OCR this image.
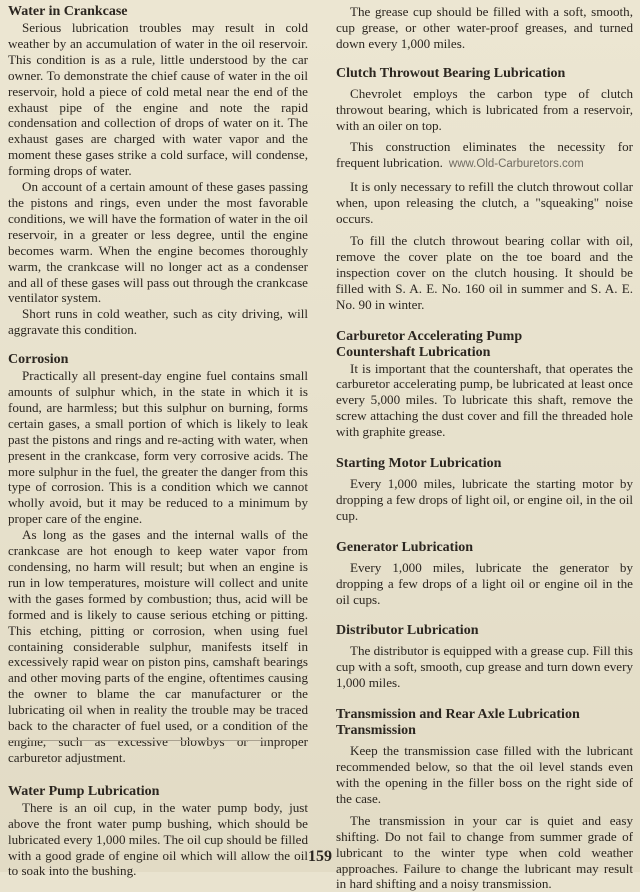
Water in Crankcase

Serious lubrication troubles may result in cold weather by an accumulation of water in the oil reservoir. This condition is as a rule, little understood by the car owner. To demonstrate the chief cause of water in the oil reservoir, hold a piece of cold metal near the end of the exhaust pipe of the engine and note the rapid condensation and collection of drops of water on it. The exhaust gases are charged with water vapor and the moment these gases strike a cold surface, will condense, forming drops of water.

On account of a certain amount of these gases passing the pistons and rings, even under the most favorable conditions, we will have the formation of water in the oil reservoir, in a greater or less degree, until the engine becomes warm. When the engine becomes thoroughly warm, the crankcase will no longer act as a condenser and all of these gases will pass out through the crankcase ventilator system.

Short runs in cold weather, such as city driving, will aggravate this condition.

Corrosion

Practically all present-day engine fuel contains small amounts of sulphur which, in the state in which it is found, are harmless; but this sulphur on burning, forms certain gases, a small portion of which is likely to leak past the pistons and rings and re-acting with water, when present in the crankcase, form very corrosive acids. The more sulphur in the fuel, the greater the danger from this type of corrosion. This is a condition which we cannot wholly avoid, but it may be reduced to a minimum by proper care of the engine.

As long as the gases and the internal walls of the crankcase are hot enough to keep water vapor from condensing, no harm will result; but when an engine is run in low temperatures, moisture will collect and unite with the gases formed by combustion; thus, acid will be formed and is likely to cause serious etching or pitting. This etching, pitting or corrosion, when using fuel containing considerable sulphur, manifests itself in excessively rapid wear on piston pins, camshaft bearings and other moving parts of the engine, oftentimes causing the owner to blame the car manufacturer or the lubricating oil when in reality the trouble may be traced back to the character of fuel used, or a condition of the engine, such as excessive blowbys or improper carburetor adjustment.

Water Pump Lubrication

There is an oil cup, in the water pump body, just above the front water pump bushing, which should be lubricated every 1,000 miles. The oil cup should be filled with a good grade of engine oil which will allow the oil to soak into the bushing.

The grease cup should be filled with a soft, smooth, cup grease, or other water-proof greases, and turned down every 1,000 miles.

Clutch Throwout Bearing Lubrication

Chevrolet employs the carbon type of clutch throwout bearing, which is lubricated from a reservoir, with an oiler on top.

This construction eliminates the necessity for frequent lubrication. www.Old-Carburetors.com

It is only necessary to refill the clutch throwout collar when, upon releasing the clutch, a "squeaking" noise occurs.

To fill the clutch throwout bearing collar with oil, remove the cover plate on the toe board and the inspection cover on the clutch housing. It should be filled with S. A. E. No. 160 oil in summer and S. A. E. No. 90 in winter.

Carburetor Accelerating Pump
Countershaft Lubrication

It is important that the countershaft, that operates the carburetor accelerating pump, be lubricated at least once every 5,000 miles. To lubricate this shaft, remove the screw attaching the dust cover and fill the threaded hole with graphite grease.

Starting Motor Lubrication

Every 1,000 miles, lubricate the starting motor by dropping a few drops of light oil, or engine oil, in the oil cup.

Generator Lubrication

Every 1,000 miles, lubricate the generator by dropping a few drops of a light oil or engine oil in the oil cups.

Distributor Lubrication

The distributor is equipped with a grease cup. Fill this cup with a soft, smooth, cup grease and turn down every 1,000 miles.

Transmission and Rear Axle Lubrication
Transmission

Keep the transmission case filled with the lubricant recommended below, so that the oil level stands even with the opening in the filler boss on the right side of the case.

The transmission in your car is quiet and easy shifting. Do not fail to change from summer grade of lubricant to the winter type when cold weather approaches. Failure to change the lubricant may result in hard shifting and a noisy transmission.

159
